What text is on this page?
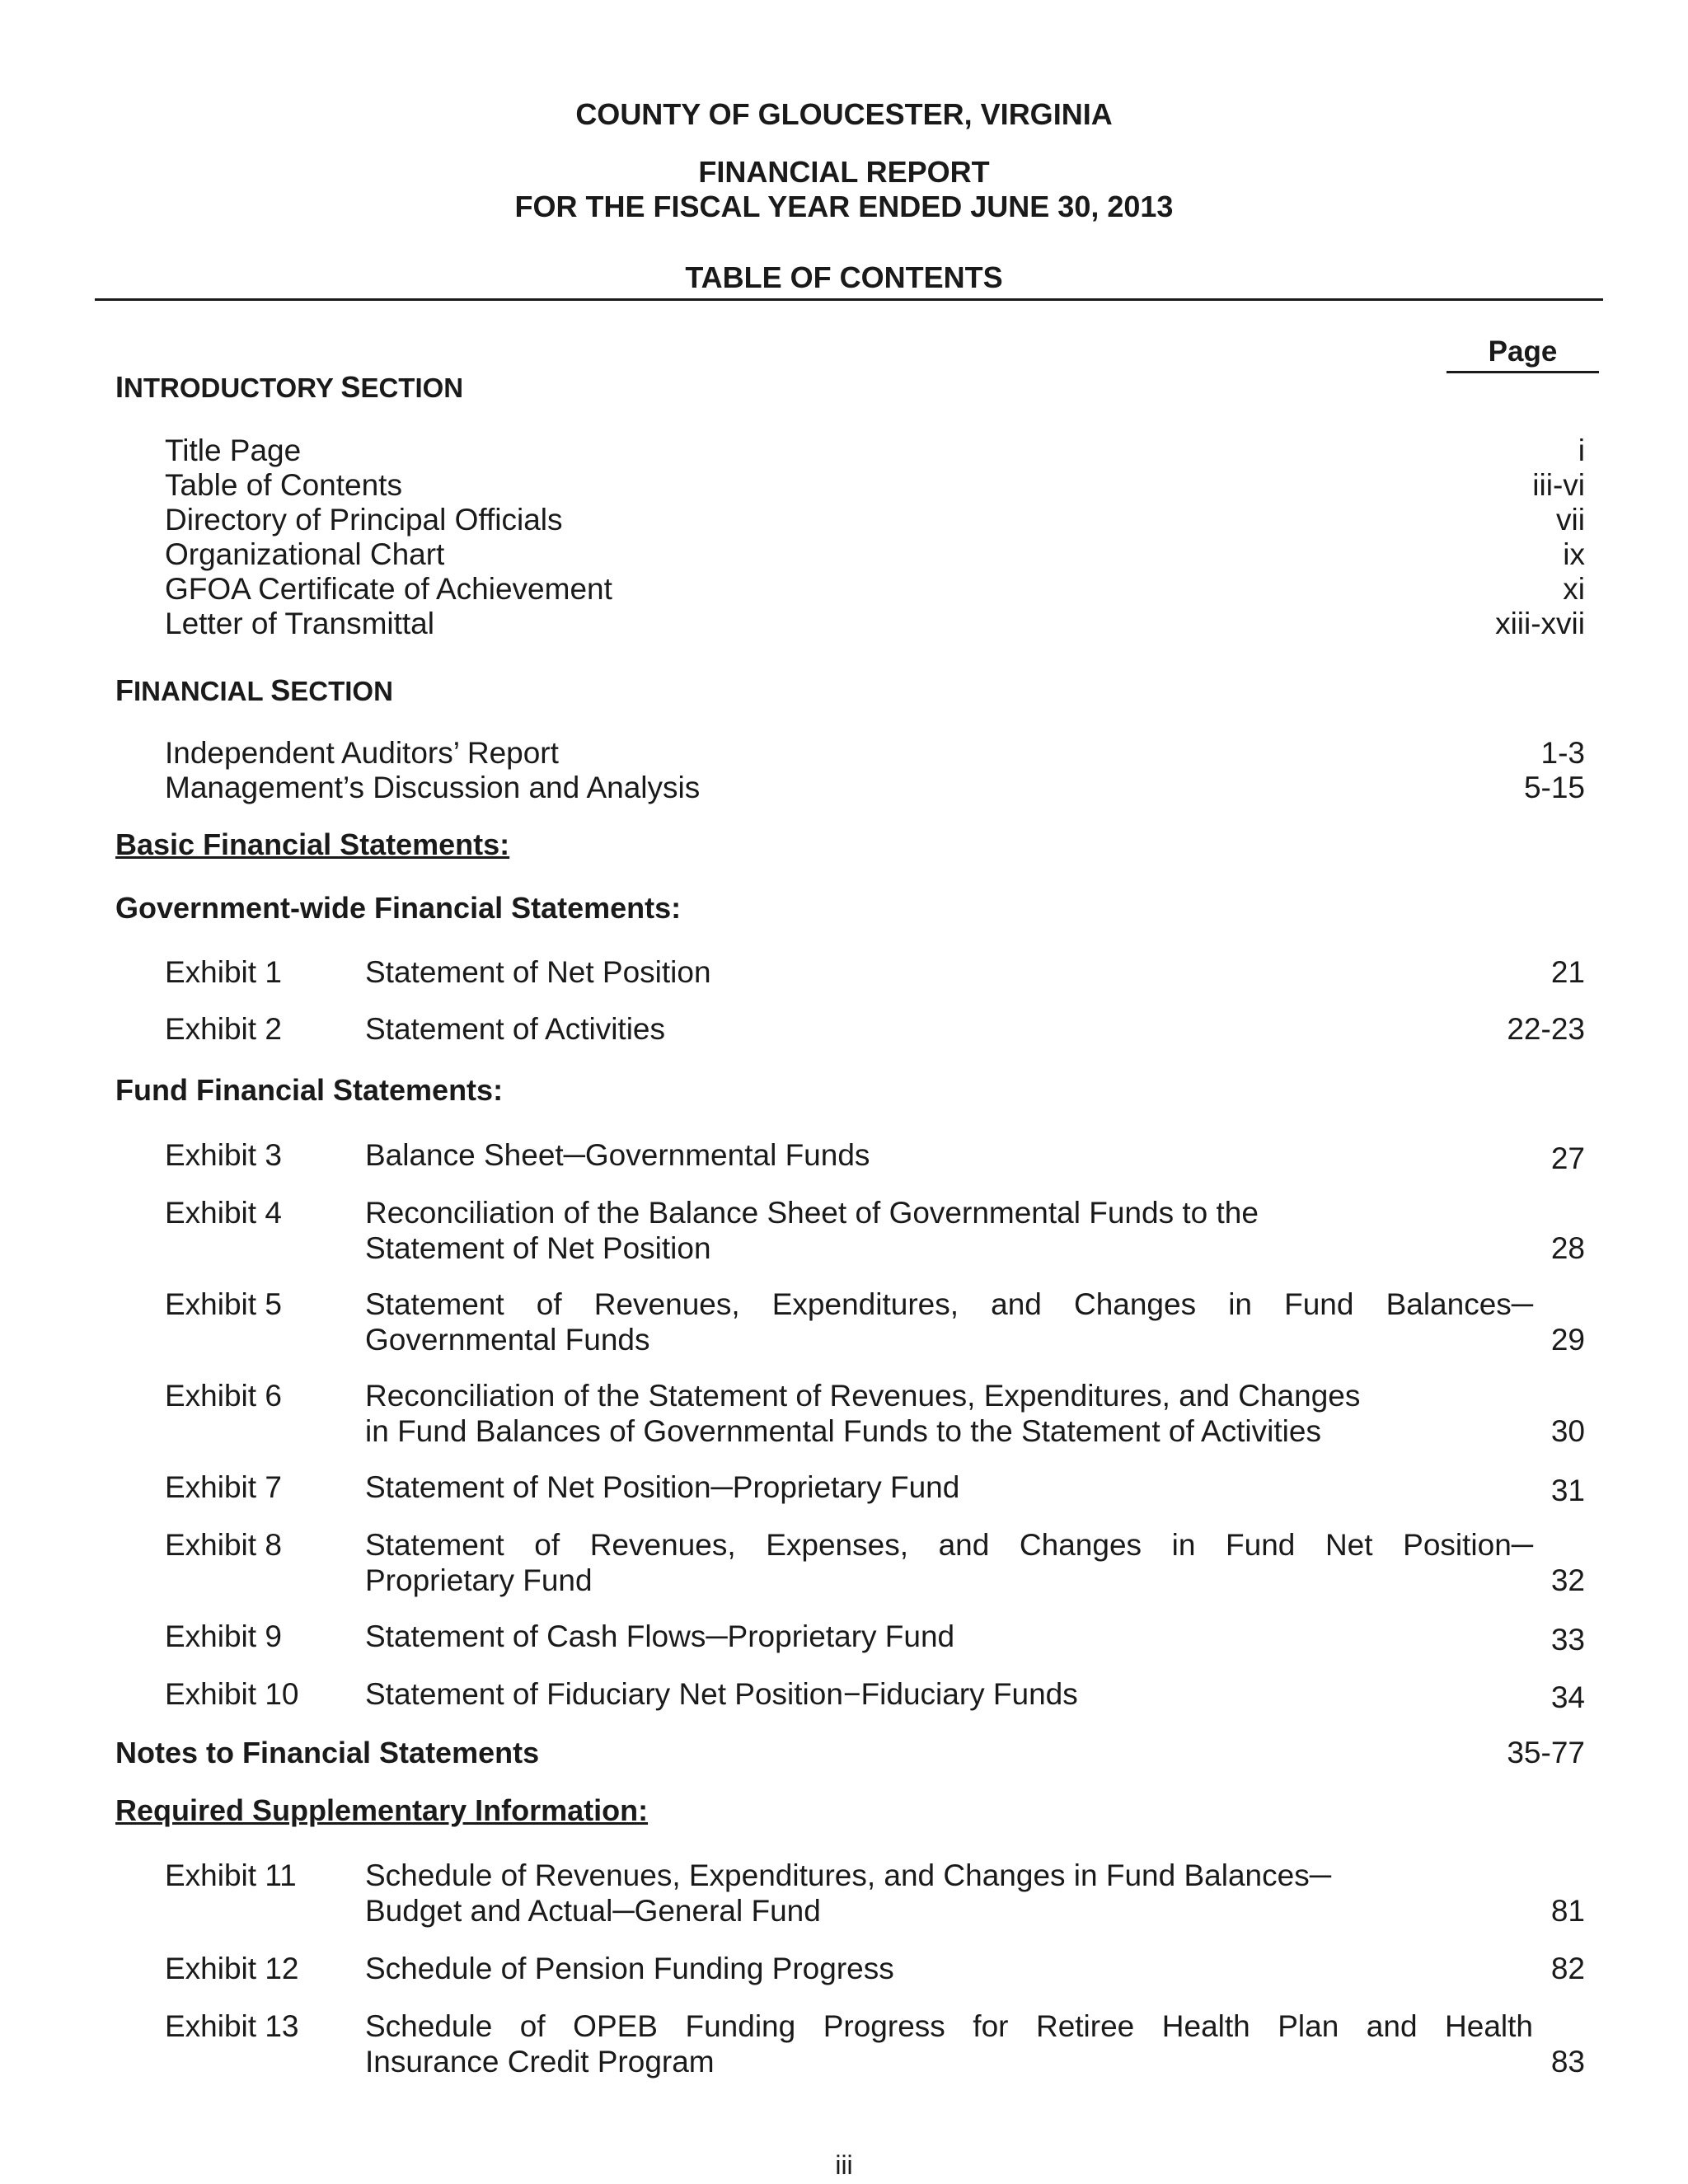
COUNTY OF GLOUCESTER, VIRGINIA
FINANCIAL REPORT
FOR THE FISCAL YEAR ENDED JUNE 30, 2013
TABLE OF CONTENTS
Page
INTRODUCTORY SECTION
Title Page	i
Table of Contents	iii-vi
Directory of Principal Officials	vii
Organizational Chart	ix
GFOA Certificate of Achievement	xi
Letter of Transmittal	xiii-xvii
FINANCIAL SECTION
Independent Auditors’ Report	1-3
Management’s Discussion and Analysis	5-15
Basic Financial Statements:
Government-wide Financial Statements:
Exhibit 1	Statement of Net Position	21
Exhibit 2	Statement of Activities	22-23
Fund Financial Statements:
Exhibit 3	Balance Sheet─Governmental Funds	27
Exhibit 4	Reconciliation of the Balance Sheet of Governmental Funds to the
Statement of Net Position	28
Exhibit 5	Statement of Revenues, Expenditures, and Changes in Fund Balances─
Governmental Funds	29
Exhibit 6	Reconciliation of the Statement of Revenues, Expenditures, and Changes
in Fund Balances of Governmental Funds to the Statement of Activities	30
Exhibit 7	Statement of Net Position─Proprietary Fund	31
Exhibit 8	Statement of Revenues, Expenses, and Changes in Fund Net Position─
Proprietary Fund	32
Exhibit 9	Statement of Cash Flows─Proprietary Fund	33
Exhibit 10 Statement of Fiduciary Net Position−Fiduciary Funds	34
Notes to Financial Statements	35-77
Required Supplementary Information:
Exhibit 11 Schedule of Revenues, Expenditures, and Changes in Fund Balances─
Budget and Actual─General Fund	81
Exhibit 12 Schedule of Pension Funding Progress	82
Exhibit 13 Schedule of OPEB Funding Progress for Retiree Health Plan and Health
Insurance Credit Program	83
iii
